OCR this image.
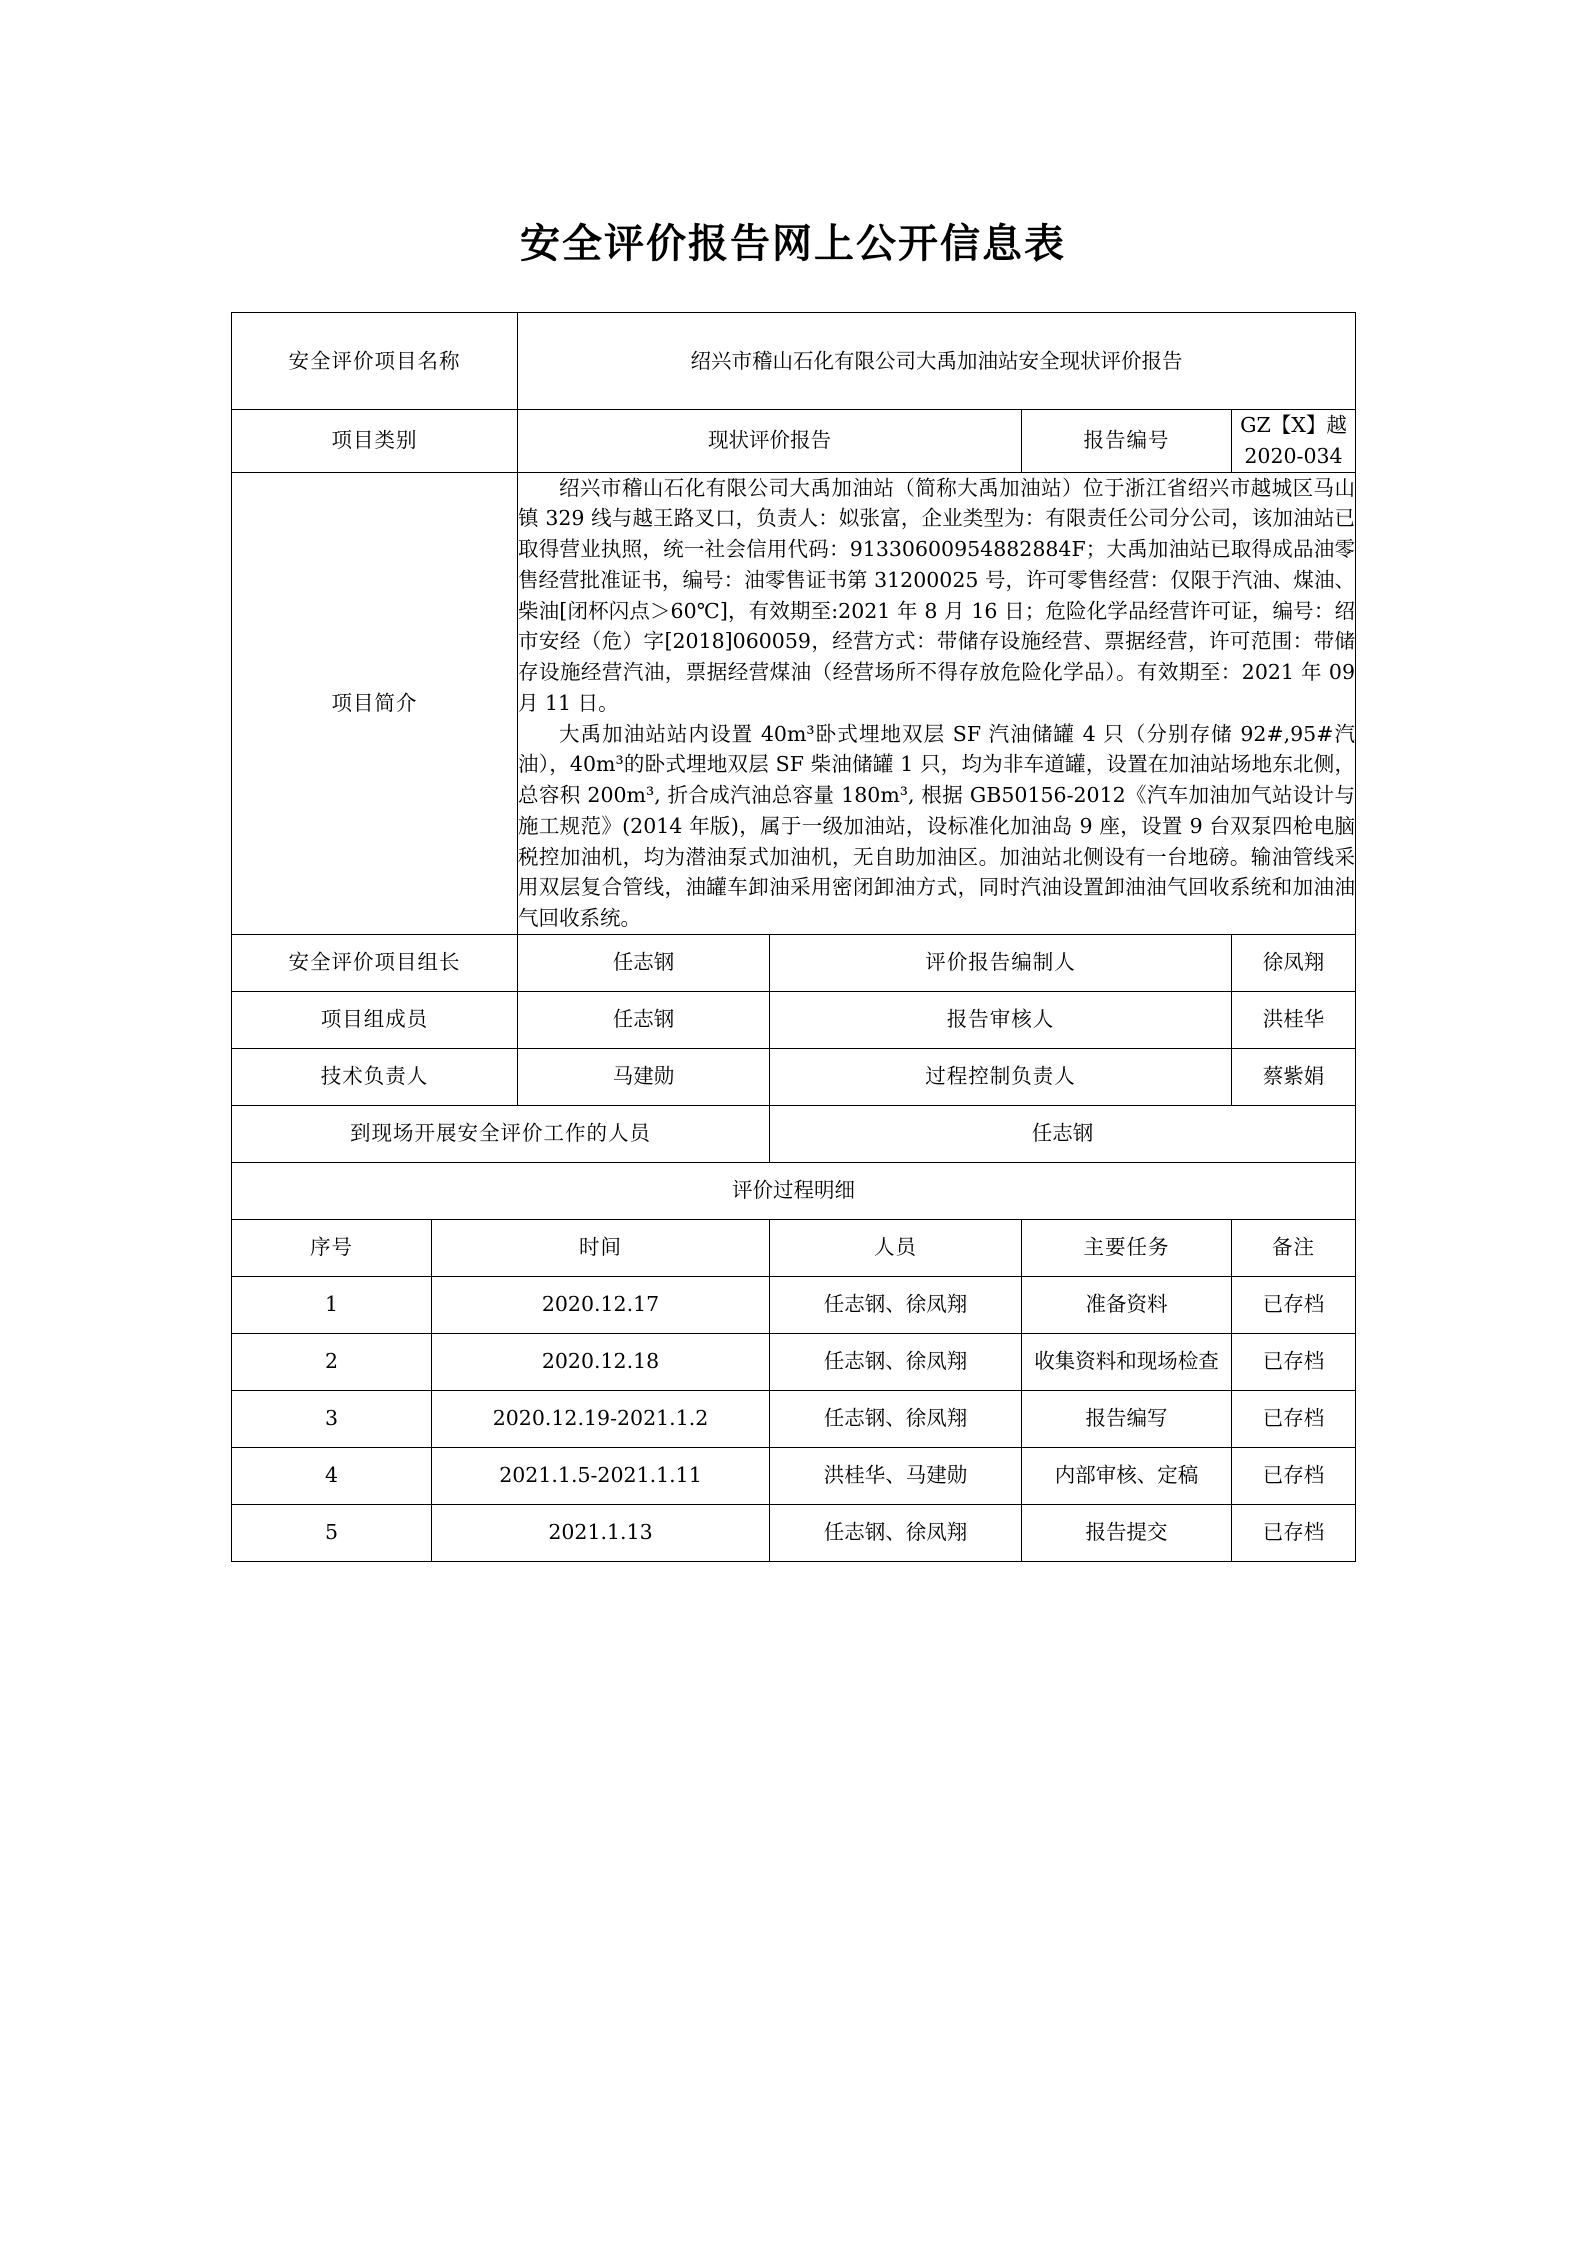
安全评价报告网上公开信息表
安全评价项目名称		绍兴市稽山石化有限公司大禹加油站安全现状评价报告			
项目类别		现状评价报告		报告编号	GZ【X】越 2020-034
项目简介		绍兴市稽山石化有限公司大禹加油站（简称大禹加油站）位于浙江省绍兴市越城区马山镇 329 线与越王路叉口，负责人：姒张富，企业类型为：有限责任公司分公司，该加油站已取得营业执照，统一社会信用代码：91330600954882884F；大禹加油站已取得成品油零售经营批准证书，编号：油零售证书第 31200025 号，许可零售经营：仅限于汽油、煤油、柴油[闭杯闪点＞60℃]，有效期至:2021 年 8 月 16 日；危险化学品经营许可证，编号：绍市安经（危）字[2018]060059，经营方式：带储存设施经营、票据经营，许可范围：带储存设施经营汽油，票据经营煤油（经营场所不得存放危险化学品）。有效期至：2021 年 09 月 11 日。

大禹加油站站内设置 40m³卧式埋地双层 SF 汽油储罐 4 只（分别存储 92#,95#汽油），40m³的卧式埋地双层 SF 柴油储罐 1 只，均为非车道罐，设置在加油站场地东北侧，总容积 200m³, 折合成汽油总容量 180m³, 根据 GB50156-2012《汽车加油加气站设计与施工规范》(2014 年版)，属于一级加油站，设标准化加油岛 9 座，设置 9 台双泵四枪电脑税控加油机，均为潜油泵式加油机，无自助加油区。加油站北侧设有一台地磅。输油管线采用双层复合管线，油罐车卸油采用密闭卸油方式，同时汽油设置卸油油气回收系统和加油油气回收系统。			

安全评价项目组长		任志钢	评价报告编制人		徐凤翔
项目组成员		任志钢	报告审核人		洪桂华
技术负责人		马建勋	过程控制负责人		蔡紫娟
到现场开展安全评价工作的人员			任志钢		
评价过程明细					
序号	时间		人员	主要任务	备注
1	2020.12.17		任志钢、徐凤翔	准备资料	已存档
2	2020.12.18		任志钢、徐凤翔	收集资料和现场检查	已存档
3	2020.12.19-2021.1.2		任志钢、徐凤翔	报告编写	已存档
4	2021.1.5-2021.1.11		洪桂华、马建勋	内部审核、定稿	已存档
5	2021.1.13		任志钢、徐凤翔	报告提交	已存档
